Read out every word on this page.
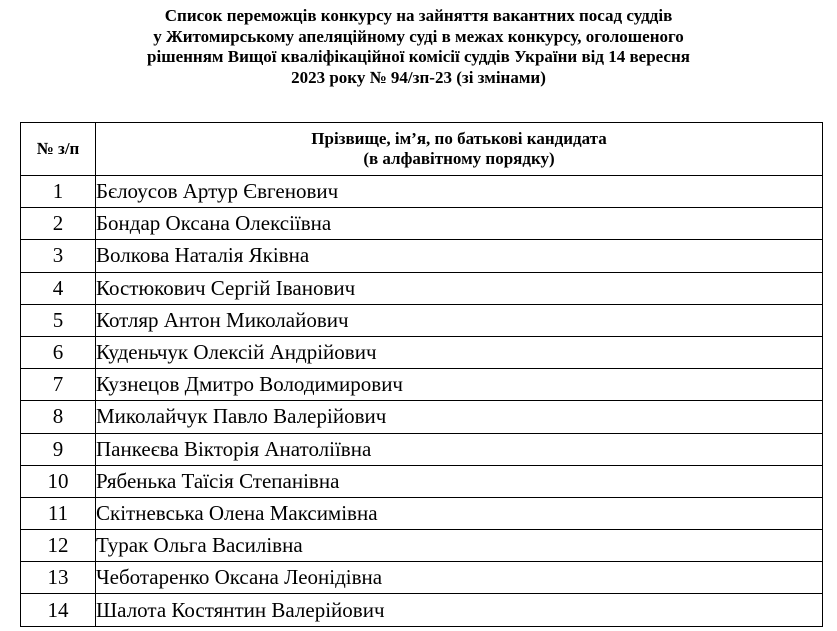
Список переможців конкурсу на зайняття вакантних посад суддів
у Житомирському апеляційному суді в межах конкурсу, оголошеного
рішенням Вищої кваліфікаційної комісії суддів України від 14 вересня
2023 року № 94/зп-23 (зі змінами)
№ з/п	Прізвище, ім’я, по батькові кандидата
(в алфавітному порядку)

1	Бєлоусов Артур Євгенович
2	Бондар Оксана Олексіївна
3	Волкова Наталія Яківна
4	Костюкович Сергій Іванович
5	Котляр Антон Миколайович
6	Куденьчук Олексій Андрійович
7	Кузнецов Дмитро Володимирович
8	Миколайчук Павло Валерійович
9	Панкеєва Вікторія Анатоліївна
10	Рябенька Таїсія Степанівна
11	Скітневська Олена Максимівна
12	Турак Ольга Василівна
13	Чеботаренко Оксана Леонідівна
14	Шалота Костянтин Валерійович
